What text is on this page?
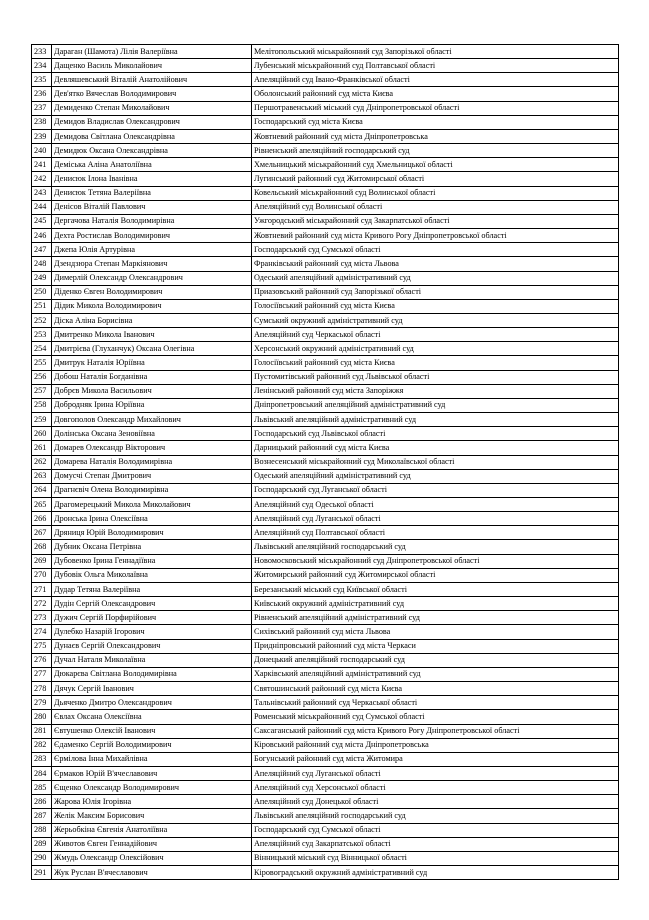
233	Дараган (Шамота) Лілія Валеріївна	Мелітопольський міськрайонний суд Запорізької області
234	Дащенко Василь Миколайович	Лубенський міськрайонний суд Полтавської області
235	Девляшевський Віталій Анатолійович	Апеляційний суд Івано-Франківської області
236	Дев'ятко Вячеслав Володимирович	Оболонський районний суд міста Києва
237	Демиденко Степан Миколайович	Першотравенський міський суд Дніпропетровської області
238	Демидов Владислав Олександрович	Господарський суд міста Києва
239	Демидова Світлана Олександрівна	Жовтневий районний суд міста Дніпропетровська
240	Демидюк Оксана Олександрівна	Рівненський апеляційний господарський суд
241	Деміська Аліна Анатоліївна	Хмельницький міськрайонний суд Хмельницької області
242	Денисюк Ілона Іванівна	Лугинський районний суд Житомирської області
243	Денисюк Тетяна Валеріївна	Ковельський міськрайонний суд Волинської області
244	Денісов Віталій Павлович	Апеляційний суд Волинської області
245	Дергачова Наталія Володимирівна	Ужгородський міськрайонний суд Закарпатської області
246	Дехта Ростислав Володимирович	Жовтневий районний суд міста Кривого Рогу Дніпропетровської області
247	Джепа Юлія Артурівна	Господарський суд Сумської області
248	Дзендзюра Степан Маркіянович	Франківський районний суд міста Львова
249	Димерлій Олександр Олександрович	Одеський апеляційний адміністративний суд
250	Діденко Євген Володимирович	Приазовський районний суд Запорізької області
251	Дідик Микола Володимирович	Голосіївський районний суд міста Києва
252	Діска Аліна Борисівна	Сумський окружний адміністративний суд
253	Дмитренко Микола Іванович	Апеляційний суд Черкаської області
254	Дмитрієва (Глуханчук) Оксана Олегівна	Херсонський окружний адміністративний суд
255	Дмитрук Наталія Юріївна	Голосіївський районний суд міста Києва
256	Добош Наталія Богданівна	Пустомитівський районний суд Львівської області
257	Добрєв Микола Васильович	Ленінський районний суд міста Запоріжжя
258	Добродняк Ірина Юріївна	Дніпропетровський апеляційний адміністративний суд
259	Довгополов Олександр Михайлович	Львівський апеляційний адміністративний суд
260	Долінська Оксана Зеновіївна	Господарський суд Львівської області
261	Домарев Олександр Вікторович	Дарницький районний суд міста Києва
262	Домарева Наталія Володимирівна	Вознесенський міськрайонний суд Миколаївської області
263	Домусчі Степан Дмитрович	Одеський апеляційний адміністративний суд
264	Драгнєвіч Олена Володимирівна	Господарський суд Луганської області
265	Драгомерецький Микола Миколайович	Апеляційний суд Одеської області
266	Дронська Ірина Олексіївна	Апеляційний суд Луганської області
267	Дряниця Юрій Володимирович	Апеляційний суд Полтавської області
268	Дубник Оксана Петрівна	Львівський апеляційний господарський суд
269	Дубовенко Ірина Геннадіївна	Новомосковський міськрайонний суд Дніпропетровської області
270	Дубовік Ольга Миколаївна	Житомирський районний суд Житомирської області
271	Дудар Тетяна Валеріївна	Березанський міський суд Київської області
272	Дудін Сергій Олександрович	Київський окружний адміністративний суд
273	Дужич Сергій Порфирійович	Рівненський апеляційний адміністративний суд
274	Дулебко Назарій Ігорович	Сихівський районний суд міста Львова
275	Дунаєв Сергій Олександрович	Придніпровський районний суд міста Черкаси
276	Дучал Наталя Миколаївна	Донецький апеляційний господарський суд
277	Дюкарєва Світлана Володимирівна	Харківський апеляційний адміністративний суд
278	Дячук Сергій Іванович	Святошинський районний суд міста Києва
279	Дьяченко Дмитро Олександрович	Тальнівський районний суд Черкаської області
280	Євлах Оксана Олексіївна	Роменський міськрайонний суд Сумської області
281	Євтушенко Олексій Іванович	Саксаганський районний суд міста Кривого Рогу Дніпропетровської області
282	Єдаменко Сергій Володимирович	Кіровський районний суд міста Дніпропетровська
283	Єрмілова Інна Михайлівна	Богунський районний суд міста Житомира
284	Єрмаков Юрій В'ячеславович	Апеляційний суд Луганської області
285	Єщенко Олександр Володимирович	Апеляційний суд Херсонської області
286	Жарова Юлія Ігорівна	Апеляційний суд Донецької області
287	Желік Максим Борисович	Львівський апеляційний господарський суд
288	Жерьобкіна Євгенія Анатоліївна	Господарський суд Сумської області
289	Животов Євген Геннадійович	Апеляційний суд Закарпатської області
290	Жмудь Олександр Олексійович	Вінницький міський суд Вінницької області
291	Жук Руслан В'ячеславович	Кіровоградський окружний адміністративний суд
